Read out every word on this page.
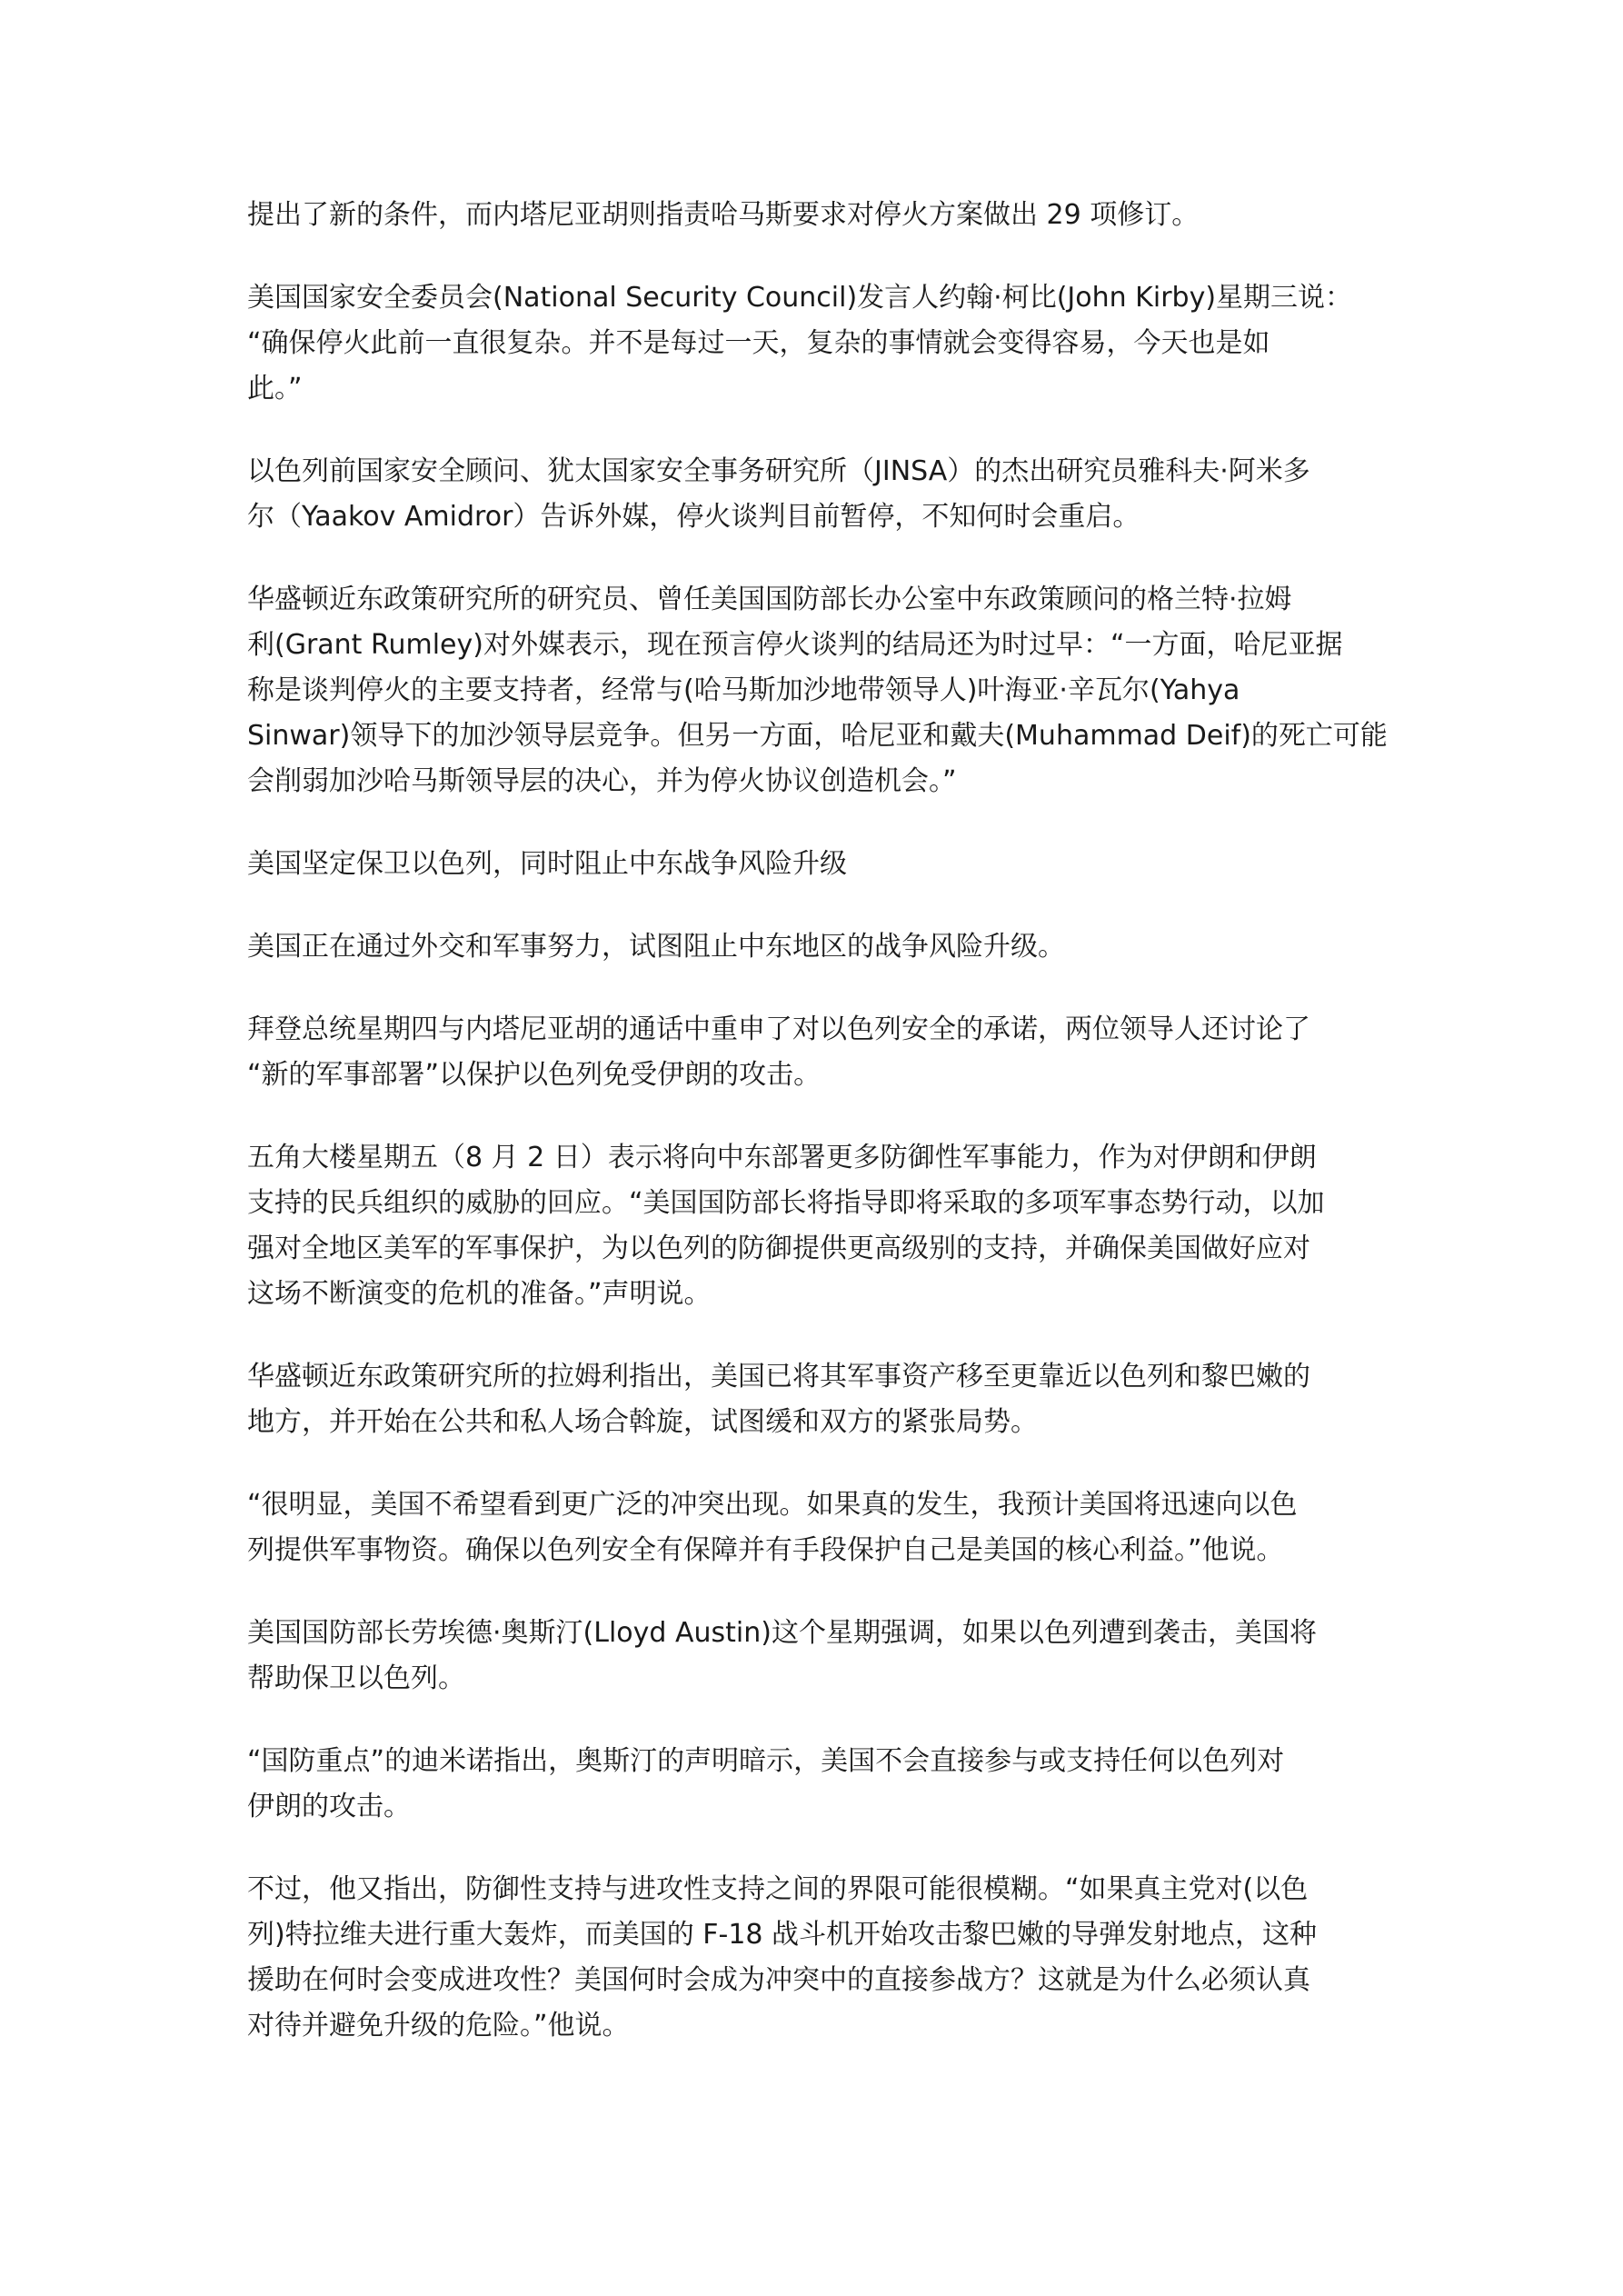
提出了新的条件，而内塔尼亚胡则指责哈马斯要求对停火方案做出 29 项修订。

美国国家安全委员会(National Security Council)发言人约翰·柯比(John Kirby)星期三说：
“确保停火此前一直很复杂。并不是每过一天，复杂的事情就会变得容易，今天也是如
此。”

以色列前国家安全顾问、犹太国家安全事务研究所（JINSA）的杰出研究员雅科夫·阿米多
尔（Yaakov Amidror）告诉外媒，停火谈判目前暂停，不知何时会重启。

华盛顿近东政策研究所的研究员、曾任美国国防部长办公室中东政策顾问的格兰特·拉姆
利(Grant Rumley)对外媒表示，现在预言停火谈判的结局还为时过早：“一方面，哈尼亚据
称是谈判停火的主要支持者，经常与(哈马斯加沙地带领导人)叶海亚·辛瓦尔(Yahya
Sinwar)领导下的加沙领导层竞争。但另一方面，哈尼亚和戴夫(Muhammad Deif)的死亡可能
会削弱加沙哈马斯领导层的决心，并为停火协议创造机会。”

美国坚定保卫以色列，同时阻止中东战争风险升级

美国正在通过外交和军事努力，试图阻止中东地区的战争风险升级。

拜登总统星期四与内塔尼亚胡的通话中重申了对以色列安全的承诺，两位领导人还讨论了
“新的军事部署”以保护以色列免受伊朗的攻击。

五角大楼星期五（8 月 2 日）表示将向中东部署更多防御性军事能力，作为对伊朗和伊朗
支持的民兵组织的威胁的回应。“美国国防部长将指导即将采取的多项军事态势行动，以加
强对全地区美军的军事保护，为以色列的防御提供更高级别的支持，并确保美国做好应对
这场不断演变的危机的准备。”声明说。

华盛顿近东政策研究所的拉姆利指出，美国已将其军事资产移至更靠近以色列和黎巴嫩的
地方，并开始在公共和私人场合斡旋，试图缓和双方的紧张局势。

“很明显，美国不希望看到更广泛的冲突出现。如果真的发生，我预计美国将迅速向以色
列提供军事物资。确保以色列安全有保障并有手段保护自己是美国的核心利益。”他说。

美国国防部长劳埃德·奥斯汀(Lloyd Austin)这个星期强调，如果以色列遭到袭击，美国将
帮助保卫以色列。

“国防重点”的迪米诺指出，奥斯汀的声明暗示，美国不会直接参与或支持任何以色列对
伊朗的攻击。

不过，他又指出，防御性支持与进攻性支持之间的界限可能很模糊。“如果真主党对(以色
列)特拉维夫进行重大轰炸，而美国的 F-18 战斗机开始攻击黎巴嫩的导弹发射地点，这种
援助在何时会变成进攻性？美国何时会成为冲突中的直接参战方？这就是为什么必须认真
对待并避免升级的危险。”他说。
